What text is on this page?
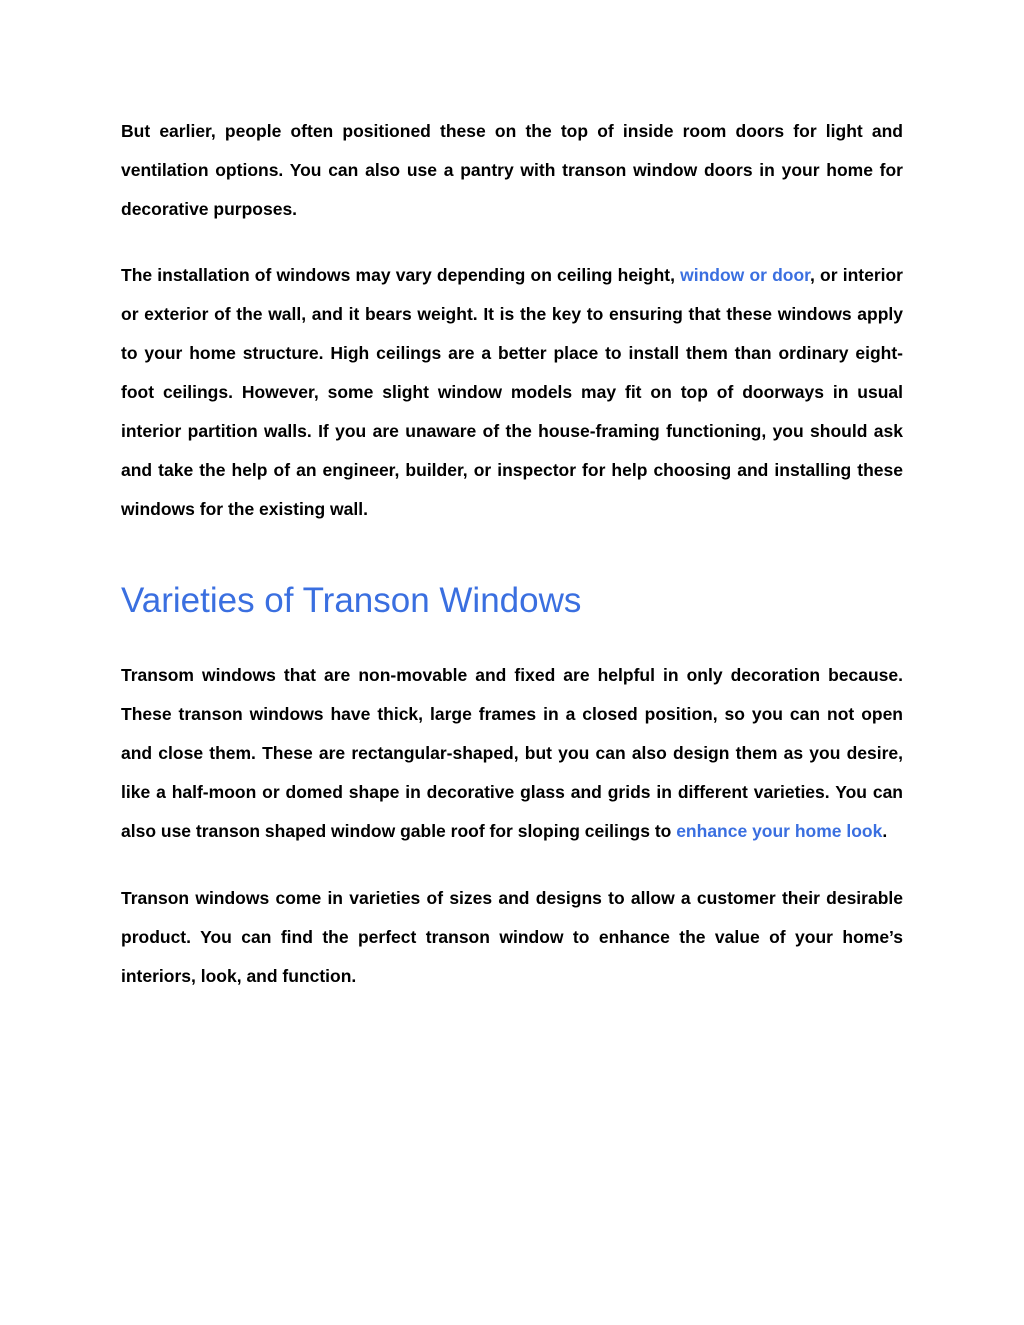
But earlier, people often positioned these on the top of inside room doors for light and ventilation options. You can also use a pantry with transon window doors in your home for decorative purposes.

The installation of windows may vary depending on ceiling height, window or door, or interior or exterior of the wall, and it bears weight. It is the key to ensuring that these windows apply to your home structure. High ceilings are a better place to install them than ordinary eight-foot ceilings. However, some slight window models may fit on top of doorways in usual interior partition walls. If you are unaware of the house-framing functioning, you should ask and take the help of an engineer, builder, or inspector for help choosing and installing these windows for the existing wall.

Varieties of Transon Windows

Transom windows that are non-movable and fixed are helpful in only decoration because. These transon windows have thick, large frames in a closed position, so you can not open and close them. These are rectangular-shaped, but you can also design them as you desire, like a half-moon or domed shape in decorative glass and grids in different varieties. You can also use transon shaped window gable roof for sloping ceilings to enhance your home look.

Transon windows come in varieties of sizes and designs to allow a customer their desirable product. You can find the perfect transon window to enhance the value of your home’s interiors, look, and function.
